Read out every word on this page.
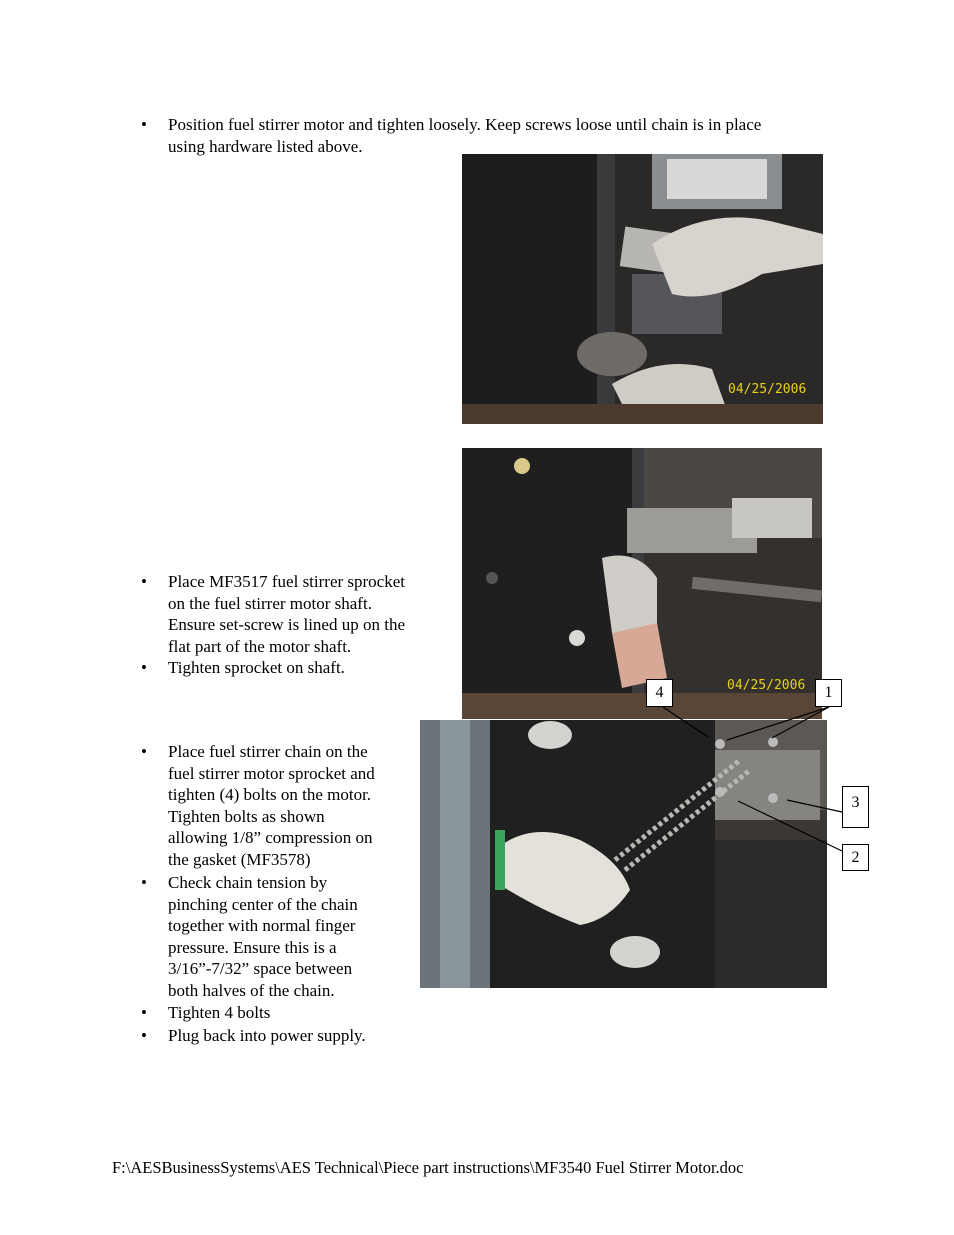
• Position fuel stirrer motor and tighten loosely. Keep screws loose until chain is in place
using hardware listed above.
04/25/2006
04/25/2006
• Place MF3517 fuel stirrer sprocket
on the fuel stirrer motor shaft.
Ensure set-screw is lined up on the
flat part of the motor shaft.
• Tighten sprocket on shaft.
4	1
3
2
• Place fuel stirrer chain on the
fuel stirrer motor sprocket and
tighten (4) bolts on the motor.
Tighten bolts as shown
allowing 1/8” compression on
the gasket (MF3578)
• Check chain tension by
pinching center of the chain
together with normal finger
pressure. Ensure this is a
3/16”-7/32” space between
both halves of the chain.
• Tighten 4 bolts
• Plug back into power supply.
F:\AESBusinessSystems\AES Technical\Piece part instructions\MF3540 Fuel Stirrer Motor.doc
